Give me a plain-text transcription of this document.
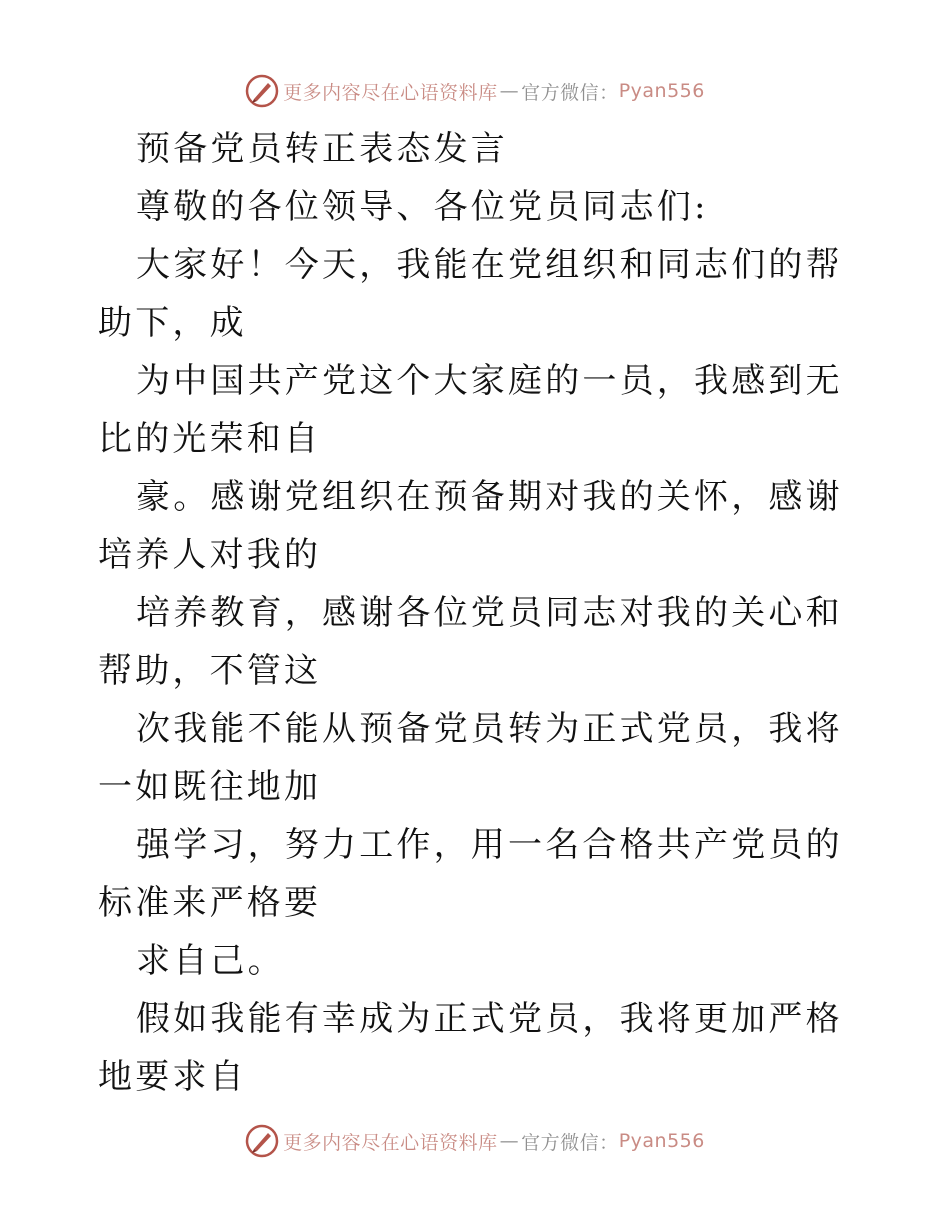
更多内容尽在心语资料库 — 官方微信： Pyan556

预备党员转正表态发言

尊敬的各位领导、各位党员同志们:

大家好！今天，我能在党组织和同志们的帮助下，成

为中国共产党这个大家庭的一员，我感到无比的光荣和自

豪。感谢党组织在预备期对我的关怀，感谢培养人对我的

培养教育，感谢各位党员同志对我的关心和帮助，不管这

次我能不能从预备党员转为正式党员，我将一如既往地加

强学习，努力工作，用一名合格共产党员的标准来严格要

求自己。

假如我能有幸成为正式党员，我将更加严格地要求自

更多内容尽在心语资料库 — 官方微信： Pyan556
